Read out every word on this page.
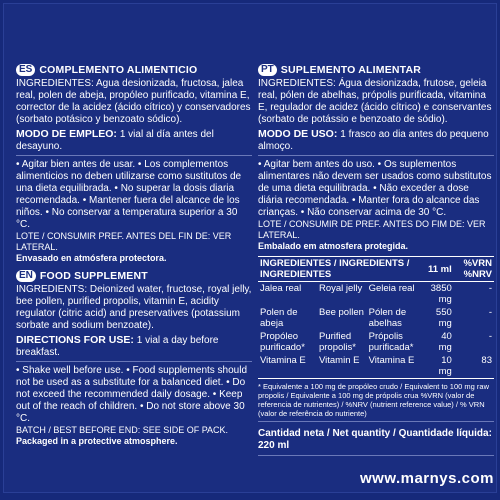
ES COMPLEMENTO ALIMENTICIO

INGREDIENTES: Agua desionizada, fructosa, jalea real, polen de abeja, propóleo purificado, vitamina E, corrector de la acidez (ácido cítrico) y conservadores (sorbato potásico y benzoato sódico).

MODO DE EMPLEO: 1 vial al día antes del desayuno.

• Agitar bien antes de usar. • Los complementos alimenticios no deben utilizarse como sustitutos de una dieta equilibrada. • No superar la dosis diaria recomendada. • Mantener fuera del alcance de los niños. • No conservar a temperatura superior a 30 °C.

LOTE / CONSUMIR PREF. ANTES DEL FIN DE: VER LATERAL.

Envasado en atmósfera protectora.

EN FOOD SUPPLEMENT

INGREDIENTS: Deionized water, fructose, royal jelly, bee pollen, purified propolis, vitamin E, acidity regulator (citric acid) and preservatives (potassium sorbate and sodium benzoate).

DIRECTIONS FOR USE: 1 vial a day before breakfast.

• Shake well before use. • Food supplements should not be used as a substitute for a balanced diet. • Do not exceed the recommended daily dosage. • Keep out of the reach of children. • Do not store above 30 °C.

BATCH / BEST BEFORE END: SEE SIDE OF PACK.

Packaged in a protective atmosphere.

PT SUPLEMENTO ALIMENTAR

INGREDIENTES: Água desionizada, frutose, geleia real, pólen de abelhas, própolis purificada, vitamina E, regulador de acidez (ácido cítrico) e conservantes (sorbato de potássio e benzoato de sódio).

MODO DE USO: 1 frasco ao dia antes do pequeno almoço.

• Agitar bem antes do uso. • Os suplementos alimentares não devem ser usados como substitutos de uma dieta equilibrada. • Não exceder a dose diária recomendada. • Manter fora do alcance das crianças. • Não conservar acima de 30 °C.

LOTE / CONSUMIR DE PREF. ANTES DO FIM DE: VER LATERAL.

Embalado em atmosfera protegida.

INGREDIENTES / INGREDIENTS /
INGREDIENTES			11 ml	%VRN %NRV
Jalea real	Royal jelly	Geleia real	3850 mg	-
Polen de abeja	Bee pollen	Pólen de abelhas	550 mg	-
Propóleo purificado*	Purified propolis*	Própolis purificada*	40 mg	-
Vitamina E	Vitamin E	Vitamina E	10 mg	83

* Equivalente a 100 mg de propóleo crudo / Equivalent to 100 mg raw propolis / Equivalente a 100 mg de própolis crua %VRN (valor de referencia de nutrientes) / %NRV (nutrient reference value) / % VRN (valor de referência do nutriente)

Cantidad neta / Net quantity / Quantidade líquida: 220 ml

www.marnys.com
